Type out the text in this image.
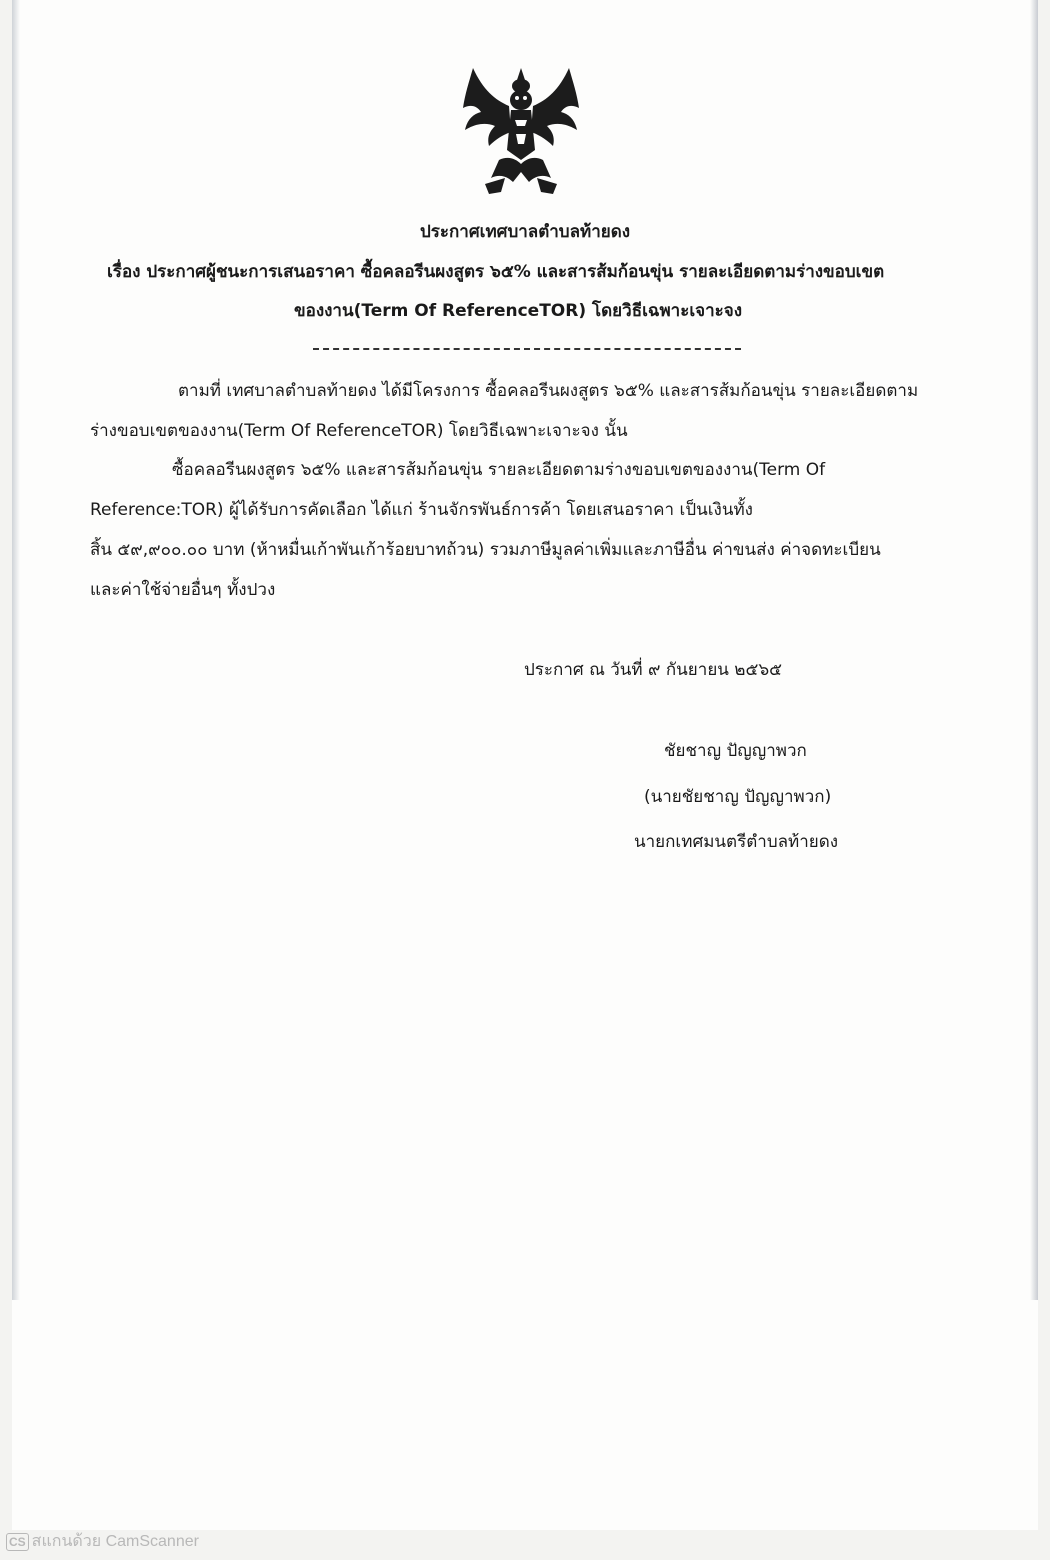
ประกาศเทศบาลตำบลท้ายดง
เรื่อง ประกาศผู้ชนะการเสนอราคา ซื้อคลอรีนผงสูตร ๖๕% และสารส้มก้อนขุ่น รายละเอียดตามร่างขอบเขต
ของงาน(Term Of ReferenceTOR) โดยวิธีเฉพาะเจาะจง
ตามที่ เทศบาลตำบลท้ายดง ได้มีโครงการ ซื้อคลอรีนผงสูตร ๖๕% และสารส้มก้อนขุ่น รายละเอียดตาม
ร่างขอบเขตของงาน(Term Of ReferenceTOR) โดยวิธีเฉพาะเจาะจง นั้น
ซื้อคลอรีนผงสูตร ๖๕% และสารส้มก้อนขุ่น รายละเอียดตามร่างขอบเขตของงาน(Term Of
Reference:TOR) ผู้ได้รับการคัดเลือก ได้แก่ ร้านจักรพันธ์การค้า โดยเสนอราคา เป็นเงินทั้ง
สิ้น ๕๙,๙๐๐.๐๐ บาท (ห้าหมื่นเก้าพันเก้าร้อยบาทถ้วน) รวมภาษีมูลค่าเพิ่มและภาษีอื่น ค่าขนส่ง ค่าจดทะเบียน
และค่าใช้จ่ายอื่นๆ ทั้งปวง
ประกาศ ณ วันที่ ๙ กันยายน ๒๕๖๕
ชัยชาญ ปัญญาพวก
(นายชัยชาญ ปัญญาพวก)
นายกเทศมนตรีตำบลท้ายดง
CS สแกนด้วย CamScanner
